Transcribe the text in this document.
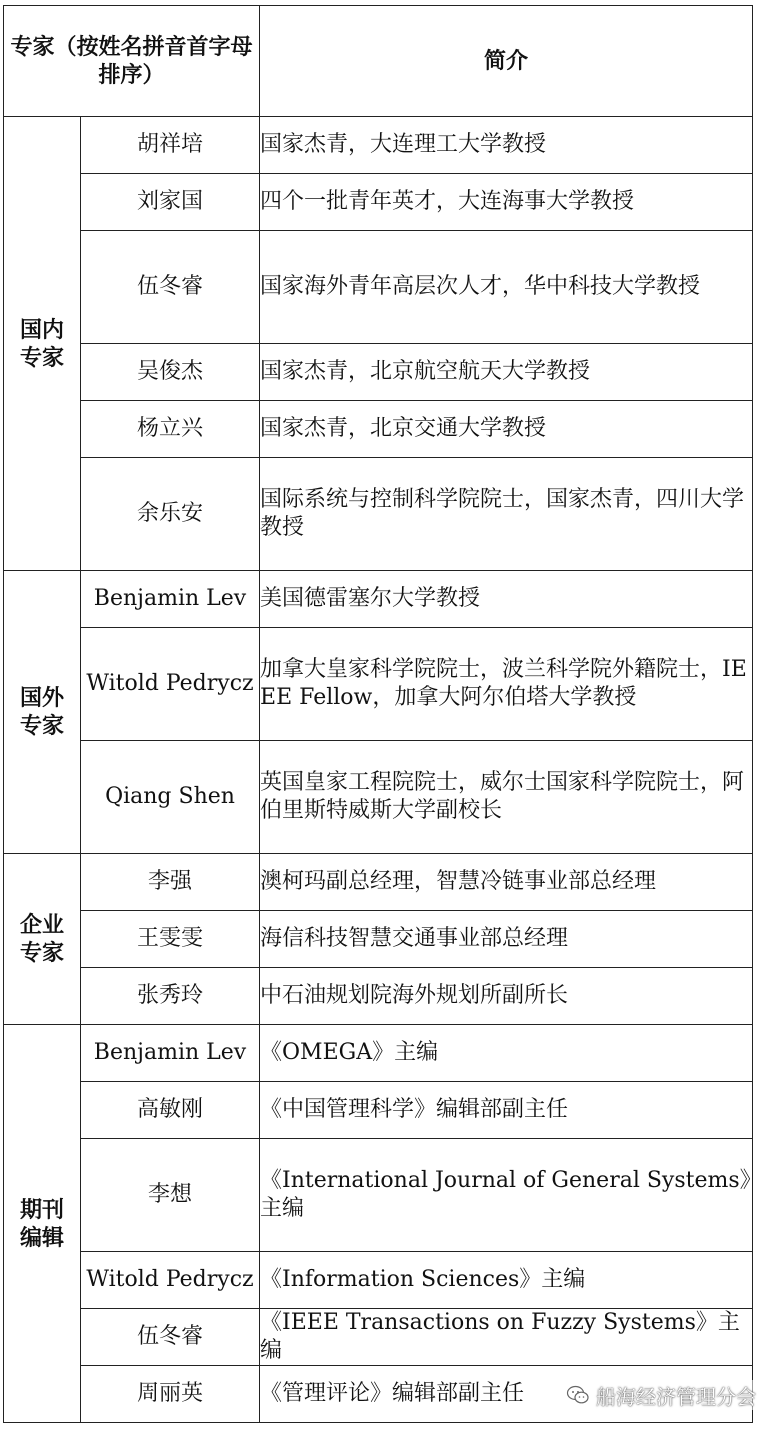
专家（按姓名拼音首字母排序）		简介
国内专家	胡祥培	国家杰青，大连理工大学教授
	刘家国	四个一批青年英才，大连海事大学教授
	伍冬睿	国家海外青年高层次人才，华中科技大学教授
	吴俊杰	国家杰青，北京航空航天大学教授
	杨立兴	国家杰青，北京交通大学教授
	余乐安	国际系统与控制科学院院士，国家杰青，四川大学教授
国外专家	Benjamin Lev	美国德雷塞尔大学教授
	Witold Pedrycz	加拿大皇家科学院院士，波兰科学院外籍院士，IEEE Fellow，加拿大阿尔伯塔大学教授
	Qiang Shen	英国皇家工程院院士，威尔士国家科学院院士，阿伯里斯特威斯大学副校长
企业专家	李强	澳柯玛副总经理，智慧冷链事业部总经理
	王雯雯	海信科技智慧交通事业部总经理
	张秀玲	中石油规划院海外规划所副所长
期刊编辑	Benjamin Lev	《OMEGA》主编
	高敏刚	《中国管理科学》编辑部副主任
	李想	《International Journal of General Systems》主编
	Witold Pedrycz	《Information Sciences》主编
	伍冬睿	《IEEE Transactions on Fuzzy Systems》主编
	周丽英	《管理评论》编辑部副主任	船海经济管理分会
